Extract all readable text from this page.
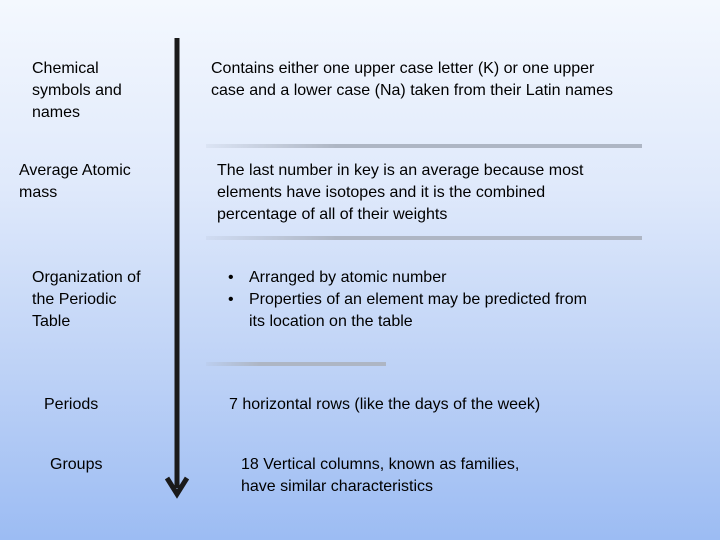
Chemical
symbols and
names
Contains either one upper case letter (K) or one upper
case and a lower case (Na) taken from their Latin names
Average Atomic
mass
The last number in key is an average because most
elements have isotopes and it is the combined
percentage of all of their weights
Organization of
the Periodic
Table
• Arranged by atomic number
• Properties of an element may be predicted from
its location on the table
Periods	7 horizontal rows (like the days of the week)
Groups	18 Vertical columns, known as families,
have similar characteristics
